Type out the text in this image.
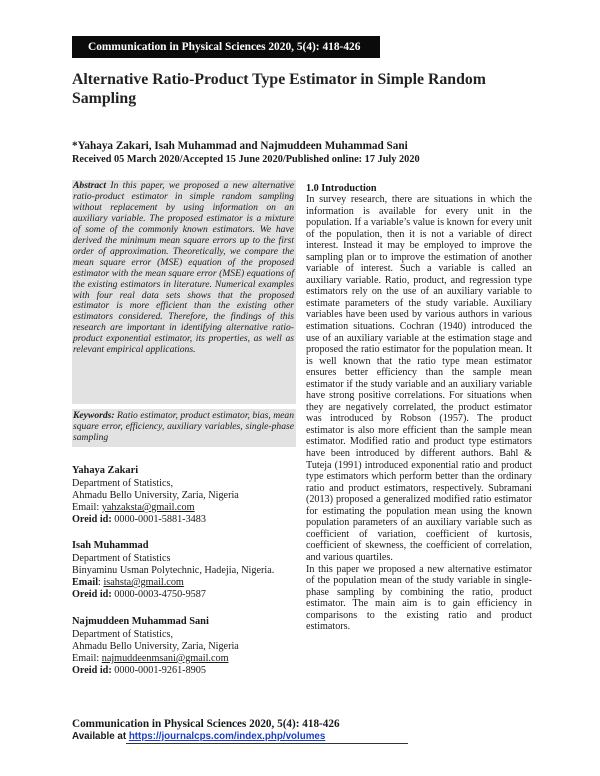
Communication in Physical Sciences 2020, 5(4): 418-426
Alternative Ratio-Product Type Estimator in Simple Random Sampling
*Yahaya Zakari, Isah Muhammad and Najmuddeen Muhammad Sani
Received 05 March 2020/Accepted 15 June 2020/Published online: 17 July 2020
Abstract In this paper, we proposed a new alternative ratio-product estimator in simple random sampling without replacement by using information on an auxiliary variable. The proposed estimator is a mixture of some of the commonly known estimators. We have derived the minimum mean square errors up to the first order of approximation. Theoretically, we compare the mean square error (MSE) equation of the proposed estimator with the mean square error (MSE) equations of the existing estimators in literature. Numerical examples with four real data sets shows that the proposed estimator is more efficient than the existing other estimators considered. Therefore, the findings of this research are important in identifying alternative ratio-product exponential estimator, its properties, as well as relevant empirical applications.
Keywords: Ratio estimator, product estimator, bias, mean square error, efficiency, auxiliary variables, single-phase sampling
Yahaya Zakari
Department of Statistics,
Ahmadu Bello University, Zaria, Nigeria
Email: yahzaksta@gmail.com
Oreid id: 0000-0001-5881-3483
Isah Muhammad
Department of Statistics
Binyaminu Usman Polytechnic, Hadejia, Nigeria.
Email: isahsta@gmail.com
Oreid id: 0000-0003-4750-9587
Najmuddeen Muhammad Sani
Department of Statistics,
Ahmadu Bello University, Zaria, Nigeria
Email: najmuddeenmsani@gmail.com
Oreid id: 0000-0001-9261-8905
1.0 Introduction

In survey research, there are situations in which the information is available for every unit in the population. If a variable’s value is known for every unit of the population, then it is not a variable of direct interest. Instead it may be employed to improve the sampling plan or to improve the estimation of another variable of interest. Such a variable is called an auxiliary variable. Ratio, product, and regression type estimators rely on the use of an auxiliary variable to estimate parameters of the study variable. Auxiliary variables have been used by various authors in various estimation situations. Cochran (1940) introduced the use of an auxiliary variable at the estimation stage and proposed the ratio estimator for the population mean. It is well known that the ratio type mean estimator ensures better efficiency than the sample mean estimator if the study variable and an auxiliary variable have strong positive correlations. For situations when they are negatively correlated, the product estimator was introduced by Robson (1957). The product estimator is also more efficient than the sample mean estimator. Modified ratio and product type estimators have been introduced by different authors. Bahl & Tuteja (1991) introduced exponential ratio and product type estimators which perform better than the ordinary ratio and product estimators, respectively. Subramani (2013) proposed a generalized modified ratio estimator for estimating the population mean using the known population parameters of an auxiliary variable such as coefficient of variation, coefficient of kurtosis, coefficient of skewness, the coefficient of correlation, and various quartiles.

In this paper we proposed a new alternative estimator of the population mean of the study variable in single-phase sampling by combining the ratio, product estimator. The main aim is to gain efficiency in comparisons to the existing ratio and product estimators.

Communication in Physical Sciences 2020, 5(4): 418-426
Available at https://journalcps.com/index.php/volumes
